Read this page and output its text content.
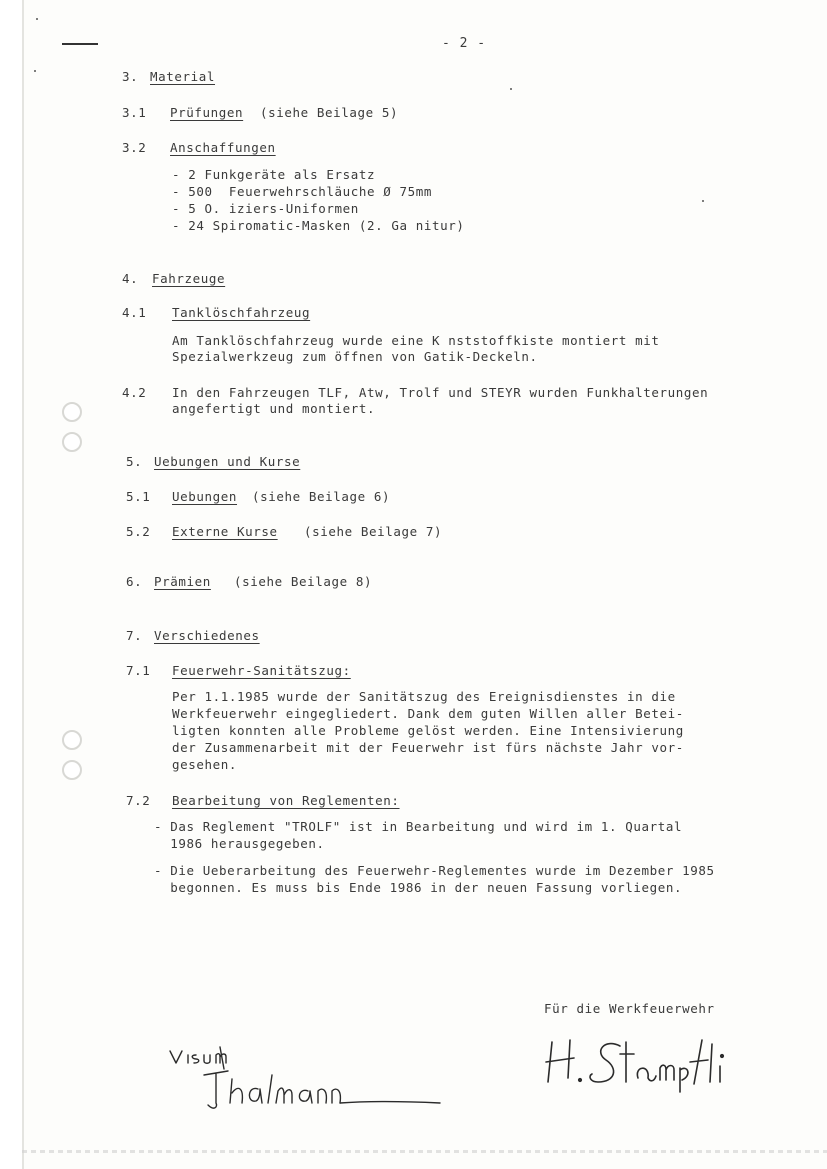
- 2 -
3. Material
3.1 Prüfungen (siehe Beilage 5)
3.2 Anschaffungen
- 2 Funkgeräte als Ersatz
- 500  Feuerwehrschläuche Ø 75mm
- 5 O. iziers-Uniformen
- 24 Spiromatic-Masken (2. Ga nitur)
4. Fahrzeuge
4.1 Tanklöschfahrzeug
Am Tanklöschfahrzeug wurde eine K nststoffkiste montiert mit
Spezialwerkzeug zum öffnen von Gatik-Deckeln.
4.2 In den Fahrzeugen TLF, Atw, Trolf und STEYR wurden Funkhalterungen
angefertigt und montiert.
5. Uebungen und Kurse
5.1 Uebungen (siehe Beilage 6)
5.2 Externe Kurse (siehe Beilage 7)
6. Prämien (siehe Beilage 8)
7. Verschiedenes
7.1 Feuerwehr-Sanitätszug:
Per 1.1.1985 wurde der Sanitätszug des Ereignisdienstes in die
Werkfeuerwehr eingegliedert. Dank dem guten Willen aller Betei-
ligten konnten alle Probleme gelöst werden. Eine Intensivierung
der Zusammenarbeit mit der Feuerwehr ist fürs nächste Jahr vor-
gesehen.
7.2 Bearbeitung von Reglementen:
- Das Reglement "TROLF" ist in Bearbeitung und wird im 1. Quartal
1986 herausgegeben.
- Die Ueberarbeitung des Feuerwehr-Reglementes wurde im Dezember 1985
begonnen. Es muss bis Ende 1986 in der neuen Fassung vorliegen.
Für die Werkfeuerwehr
